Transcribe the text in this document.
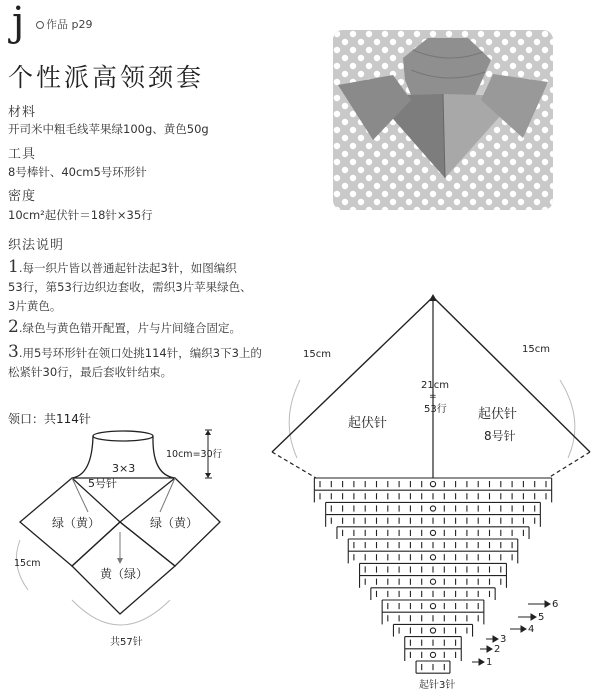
j	作品 p29
个性派高领颈套
材料
开司米中粗毛线苹果绿100g、黄色50g
工具
8号棒针、40cm5号环形针
密度
10cm²起伏针＝18针×35行
织法说明
1.每一织片皆以普通起针法起3针，如图编织
53行，第53行边织边套收，需织3片苹果绿色、
3片黄色。
2.绿色与黄色错开配置，片与片间缝合固定。
3.用5号环形针在领口处挑114针，编织3下3上的
松紧针30行，最后套收针结束。
领口：共114针
3×3
5号针
10cm=30行
绿（黄）	绿（黄）
黄（绿）
15cm
共57针
15cm	15cm
21cm
=
53行
起伏针
起伏针
8号针
起针3针
6
5
4
3
2
1
